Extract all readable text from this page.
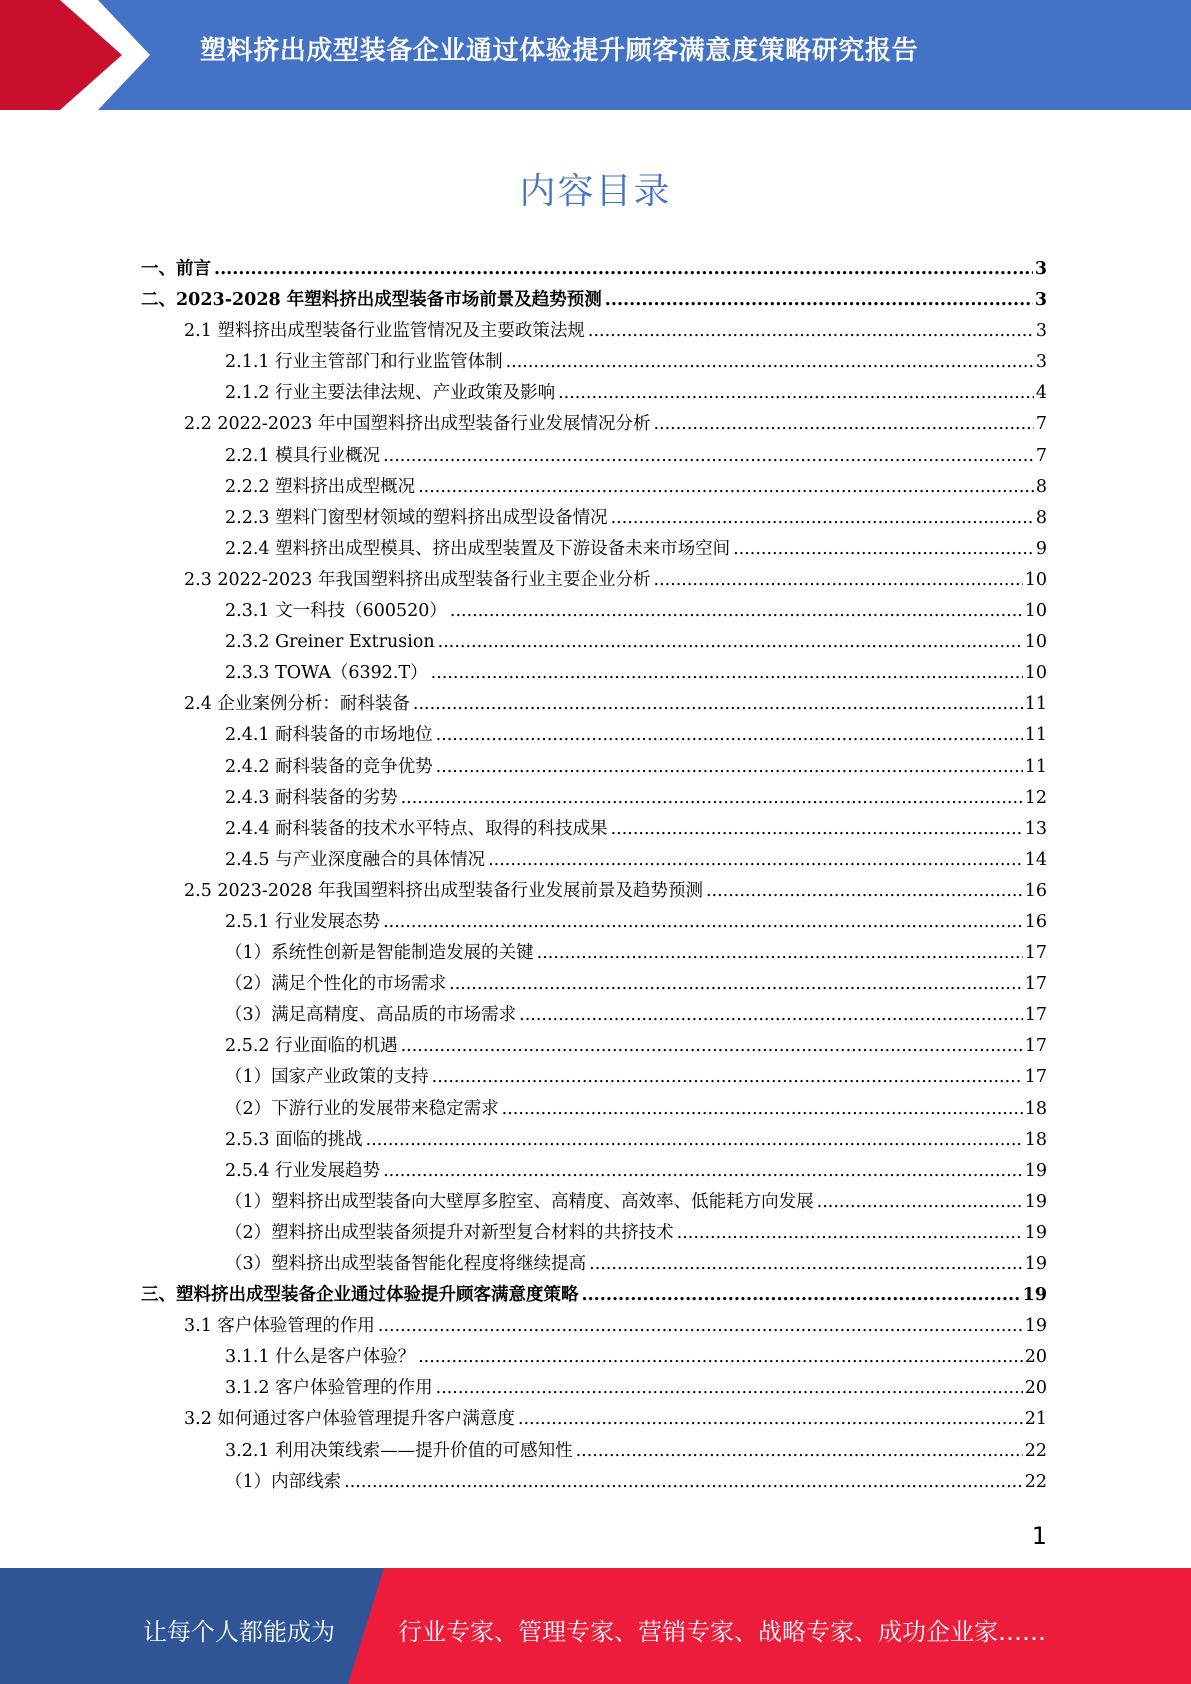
塑料挤出成型装备企业通过体验提升顾客满意度策略研究报告
内容目录
一、前言 .....	3
二、2023-2028 年塑料挤出成型装备市场前景及趋势预测 .....	3
2.1 塑料挤出成型装备行业监管情况及主要政策法规 .....	3
2.1.1 行业主管部门和行业监管体制 .....	3
2.1.2 行业主要法律法规、产业政策及影响 .....	4
2.2 2022-2023 年中国塑料挤出成型装备行业发展情况分析 .....	7
2.2.1 模具行业概况 .....	7
2.2.2 塑料挤出成型概况 .....	8
2.2.3 塑料门窗型材领域的塑料挤出成型设备情况 .....	8
2.2.4 塑料挤出成型模具、挤出成型装置及下游设备未来市场空间 .....	9
2.3 2022-2023 年我国塑料挤出成型装备行业主要企业分析 .....	10
2.3.1 文一科技（600520） .....	10
2.3.2 Greiner Extrusion .....	10
2.3.3 TOWA（6392.T） .....	10
2.4 企业案例分析：耐科装备 .....	11
2.4.1 耐科装备的市场地位 .....	11
2.4.2 耐科装备的竞争优势 .....	11
2.4.3 耐科装备的劣势 .....	12
2.4.4 耐科装备的技术水平特点、取得的科技成果 .....	13
2.4.5 与产业深度融合的具体情况 .....	14
2.5 2023-2028 年我国塑料挤出成型装备行业发展前景及趋势预测 .....	16
2.5.1 行业发展态势 .....	16
（1）系统性创新是智能制造发展的关键 .....	17
（2）满足个性化的市场需求 .....	17
（3）满足高精度、高品质的市场需求 .....	17
2.5.2 行业面临的机遇 .....	17
（1）国家产业政策的支持 .....	17
（2）下游行业的发展带来稳定需求 .....	18
2.5.3 面临的挑战 .....	18
2.5.4 行业发展趋势 .....	19
（1）塑料挤出成型装备向大壁厚多腔室、高精度、高效率、低能耗方向发展 .....	19
（2）塑料挤出成型装备须提升对新型复合材料的共挤技术 .....	19
（3）塑料挤出成型装备智能化程度将继续提高 .....	19
三、塑料挤出成型装备企业通过体验提升顾客满意度策略 .....	19
3.1 客户体验管理的作用 .....	19
3.1.1 什么是客户体验？ .....	20
3.1.2 客户体验管理的作用 .....	20
3.2 如何通过客户体验管理提升客户满意度 .....	21
3.2.1 利用决策线索——提升价值的可感知性 .....	22
（1）内部线索 .....	22
1
让每个人都能成为	行业专家、管理专家、营销专家、战略专家、成功企业家……
